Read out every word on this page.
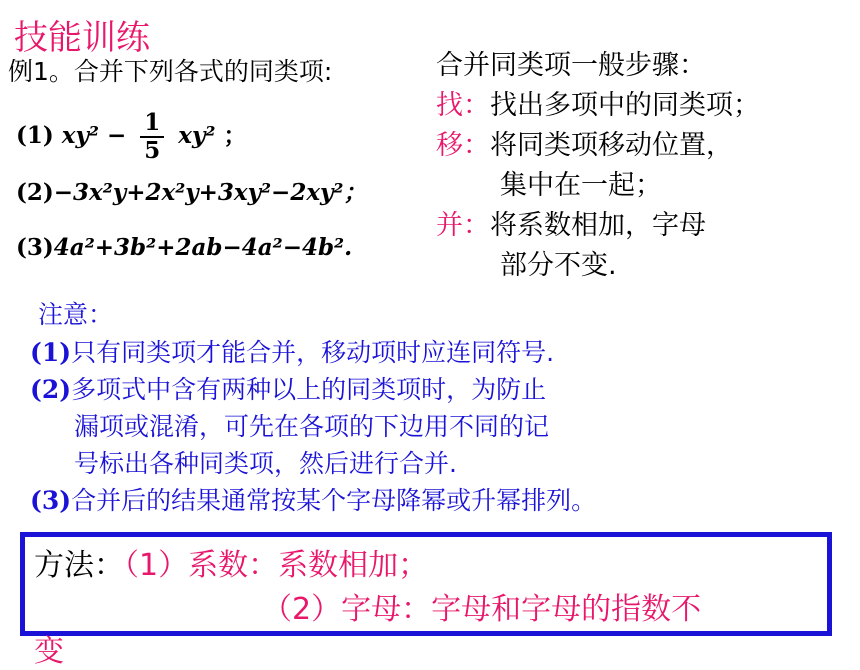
技能训练
例1。合并下列各式的同类项:
(1) $xy^2 - \frac{1}{5} xy^2$ ；
(2)−3x²y+2x²y+3xy²−2xy²；
(3)4a²+3b²+2ab−4a²−4b².
合并同类项一般步骤：
找：找出多项中的同类项；
移：将同类项移动位置，
集中在一起；
并：将系数相加，字母
部分不变.
注意：
(1)只有同类项才能合并，移动项时应连同符号.
(2)多项式中含有两种以上的同类项时，为防止
漏项或混淆，可先在各项的下边用不同的记
号标出各种同类项，然后进行合并.
(3)合并后的结果通常按某个字母降幂或升幂排列。
方法：（1）系数：系数相加；
（2）字母：字母和字母的指数不
变
